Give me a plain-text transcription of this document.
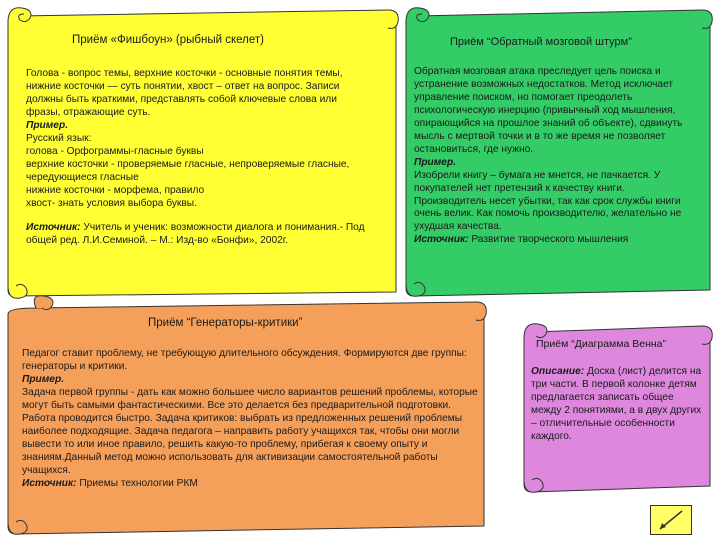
Приём «Фишбоун» (рыбный скелет)

Голова - вопрос темы, верхние косточки - основные понятия темы, нижние косточки — суть понятии, хвост – ответ на вопрос. Записи должны быть краткими, представлять собой ключевые слова или фразы, отражающие суть.

Пример.
Русский язык:
голова - Орфограммы-гласные буквы
верхние косточки - проверяемые гласные, непроверяемые гласные, чередующиеся гласные
нижние косточки - морфема, правило
хвост- знать условия выбора буквы.
Источник: Учитель и ученик: возможности диалога и понимания.- Под общей ред. Л.И.Семиной. – М.: Изд-во «Бонфи», 2002г.
Приём “Обратный мозговой штурм”

Обратная мозговая атака преследует цель поиска и устранение возможных недостатков. Метод исключает управление поиском, но помогает преодолеть психологическую инерцию (привычный ход мышления, опирающийся на прошлое знаний об объекте), сдвинуть мысль с мертвой точки и в то же время не позволяет остановиться, где нужно.

Пример.

Изобрели книгу – бумага не мнется, не пачкается. У покупателей нет претензий к качеству книги. Производитель несет убытки, так как срок службы книги очень велик. Как помочь производителю, желательно не ухудшая качества.

Источник: Развитие творческого мышления
Приём “Генераторы-критики”

Педагог ставит проблему, не требующую длительного обсуждения. Формируются две группы: генераторы и критики.

Пример.

Задача первой группы - дать как можно большее число вариантов решений проблемы, которые могут быть самыми фантастическими. Все это делается без предварительной подготовки. Работа проводится быстро. Задача критиков: выбрать из предложенных решений проблемы наиболее подходящие. Задача педагога – направить работу учащихся так, чтобы они могли вывести то или иное правило, решить какую-то проблему, прибегая к своему опыту и знаниям.Данный метод можно использовать для активизации самостоятельной работы учащихся.

Источник: Приемы технологии РКМ
Приём “Диаграмма Венна”
Описание: Доска (лист) делится на три части. В первой колонке детям предлагается записать общее между 2 понятиями, а в двух других – отличительные особенности каждого.
